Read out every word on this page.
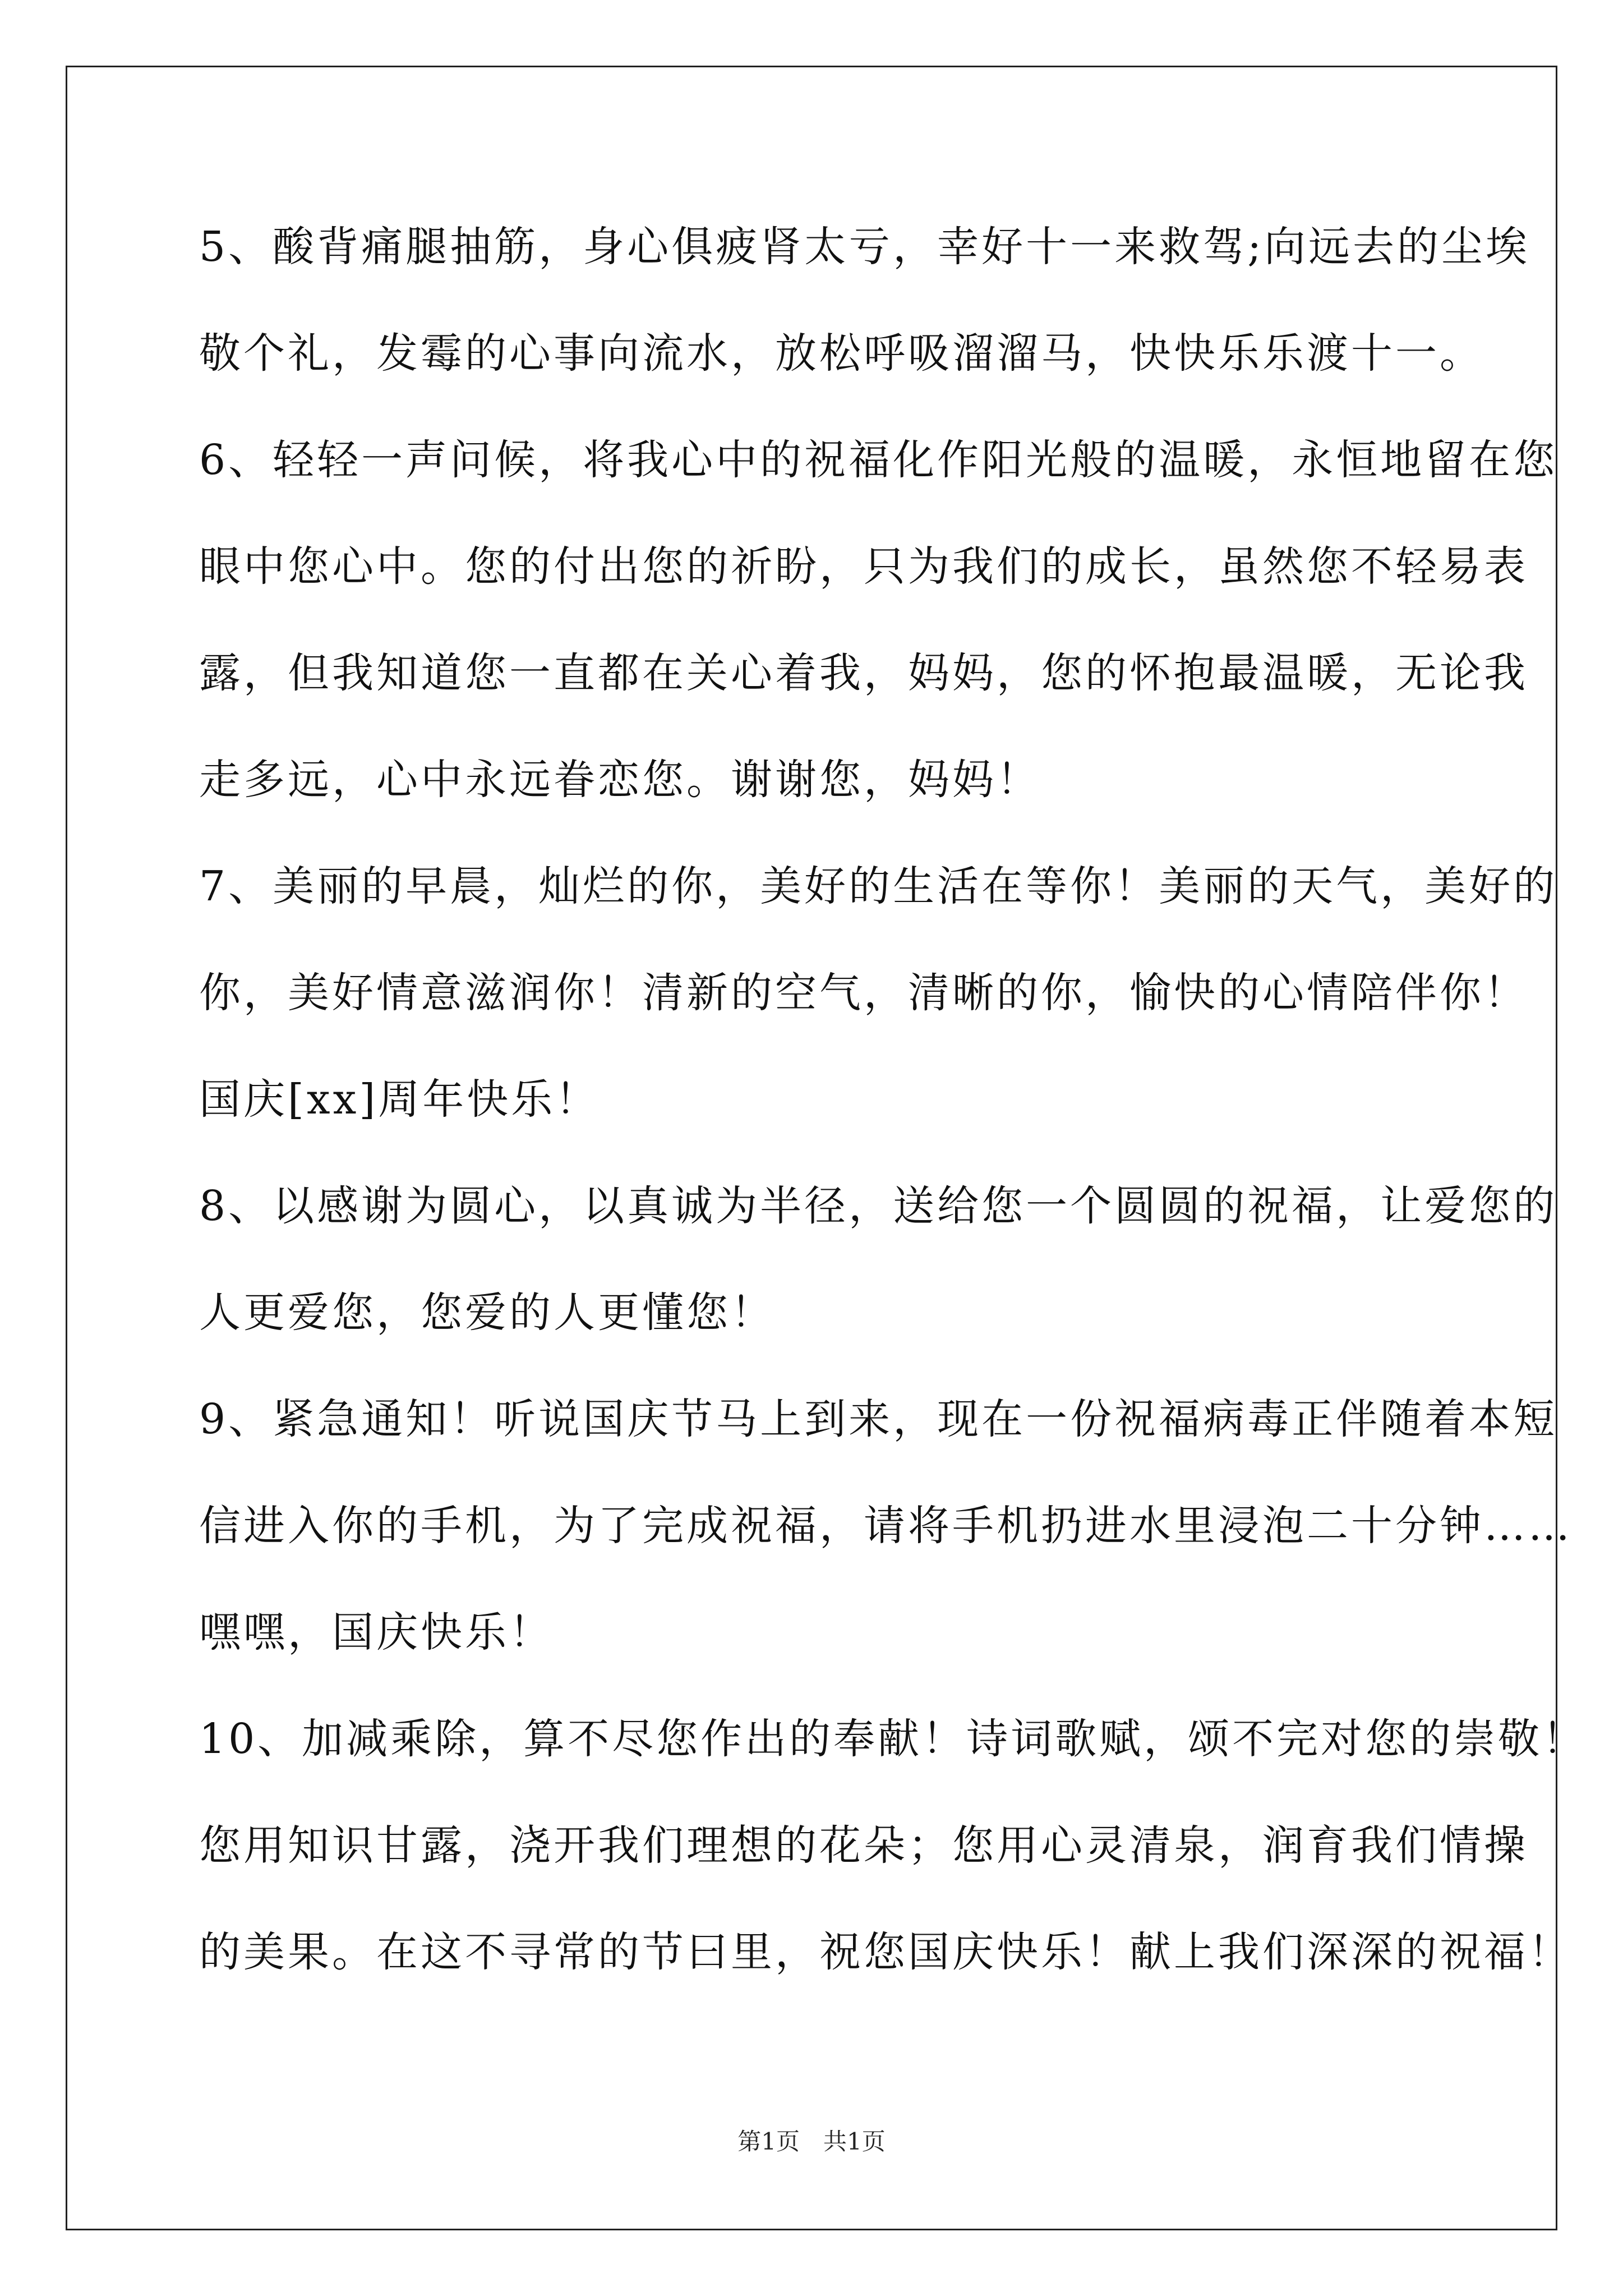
5、酸背痛腿抽筋，身心俱疲肾太亏，幸好十一来救驾;向远去的尘埃
敬个礼，发霉的心事向流水，放松呼吸溜溜马，快快乐乐渡十一。
6、轻轻一声问候，将我心中的祝福化作阳光般的温暖，永恒地留在您
眼中您心中。您的付出您的祈盼，只为我们的成长，虽然您不轻易表
露，但我知道您一直都在关心着我，妈妈，您的怀抱最温暖，无论我
走多远，心中永远眷恋您。谢谢您，妈妈！
7、美丽的早晨，灿烂的你，美好的生活在等你！美丽的天气，美好的
你，美好情意滋润你！清新的空气，清晰的你，愉快的心情陪伴你！
国庆[xx]周年快乐！
8、以感谢为圆心，以真诚为半径，送给您一个圆圆的祝福，让爱您的
人更爱您，您爱的人更懂您！
9、紧急通知！听说国庆节马上到来，现在一份祝福病毒正伴随着本短
信进入你的手机，为了完成祝福，请将手机扔进水里浸泡二十分钟……
嘿嘿，国庆快乐！
10、加减乘除，算不尽您作出的奉献！诗词歌赋，颂不完对您的崇敬！
您用知识甘露，浇开我们理想的花朵；您用心灵清泉，润育我们情操
的美果。在这不寻常的节曰里，祝您国庆快乐！献上我们深深的祝福！
第1页　共1页
